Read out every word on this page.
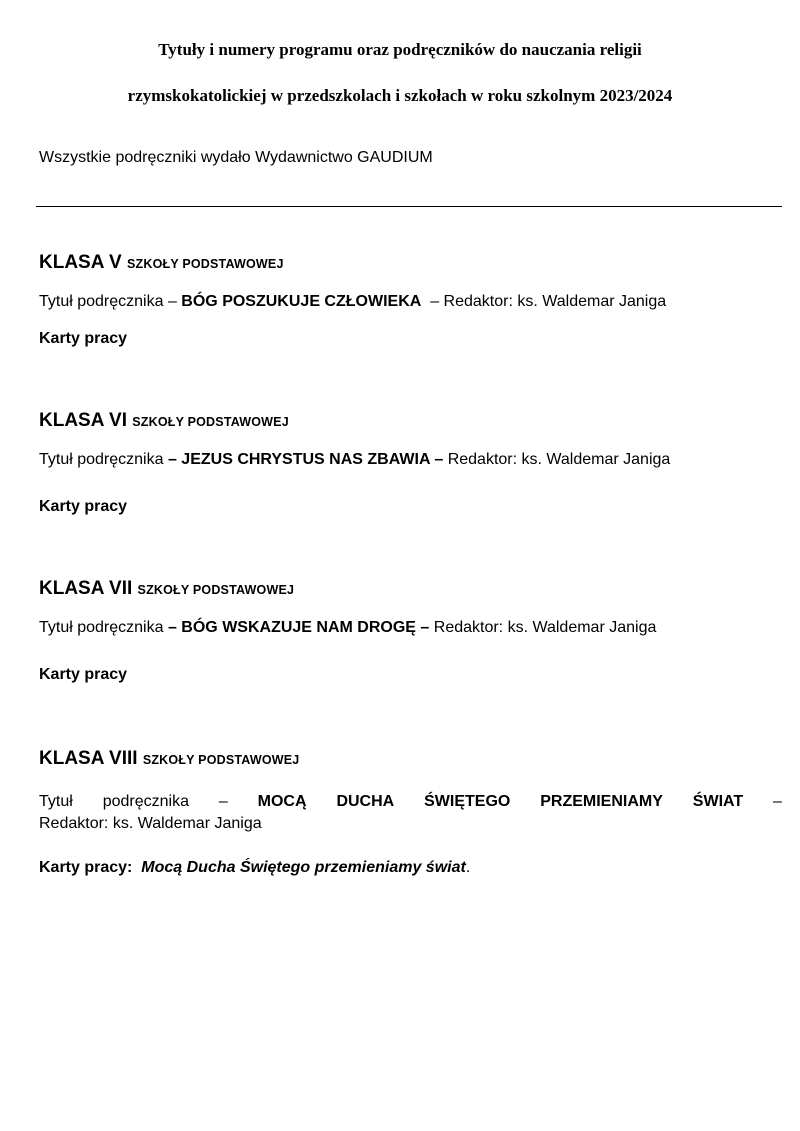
Tytuły i numery programu oraz podręczników do nauczania religii
rzymskokatolickiej w przedszkolach i szkołach w roku szkolnym 2023/2024
Wszystkie podręczniki wydało Wydawnictwo GAUDIUM
KLASA V SZKOŁY PODSTAWOWEJ
Tytuł podręcznika – BÓG POSZUKUJE CZŁOWIEKA  – Redaktor: ks. Waldemar Janiga
Karty pracy
KLASA VI SZKOŁY PODSTAWOWEJ
Tytuł podręcznika – JEZUS CHRYSTUS NAS ZBAWIA – Redaktor: ks. Waldemar Janiga
Karty pracy
KLASA VII SZKOŁY PODSTAWOWEJ
Tytuł podręcznika – BÓG WSKAZUJE NAM DROGĘ – Redaktor: ks. Waldemar Janiga
Karty pracy
KLASA VIII SZKOŁY PODSTAWOWEJ
Tytuł podręcznika – MOCĄ DUCHA ŚWIĘTEGO PRZEMIENIAMY ŚWIAT –
Redaktor: ks. Waldemar Janiga
Karty pracy: Mocą Ducha Świętego przemieniamy świat.
